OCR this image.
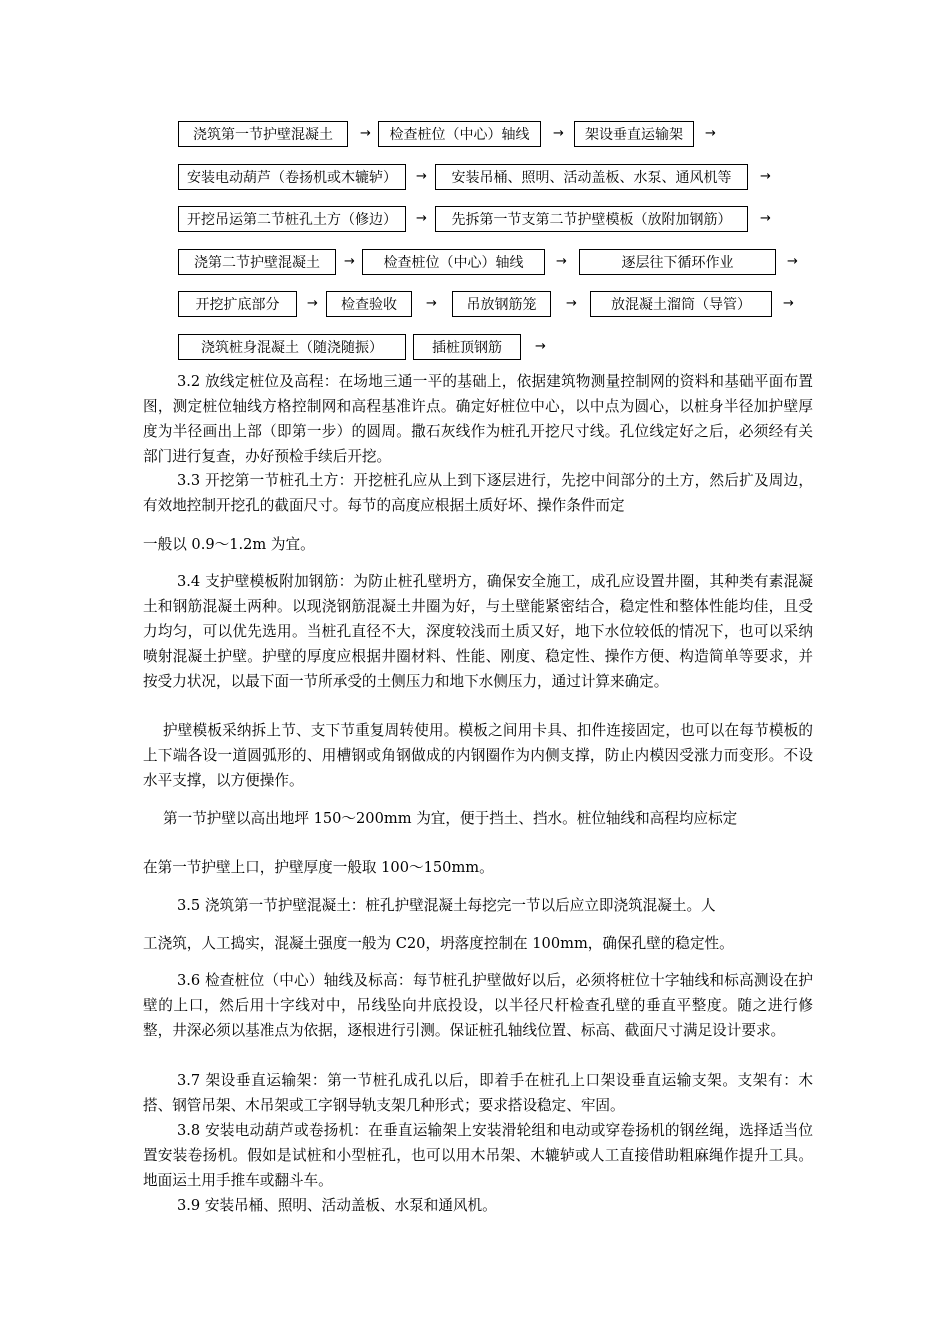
浇筑第一节护壁混凝土	→	检查桩位（中心）轴线	→	架设垂直运输架	→
安装电动葫芦（卷扬机或木辘轳）	→	安装吊桶、照明、活动盖板、水泵、通风机等	→
开挖吊运第二节桩孔土方（修边）	→	先拆第一节支第二节护壁模板（放附加钢筋）	→
浇第二节护壁混凝土	→	检查桩位（中心）轴线	→	逐层往下循环作业	→
开挖扩底部分	→	检查验收	→	吊放钢筋笼	→	放混凝土溜筒（导管）	→
浇筑桩身混凝土（随浇随振）	插桩顶钢筋	→

3.2 放线定桩位及高程：在场地三通一平的基础上，依据建筑物测量控制网的资料和基础平面布置图，测定桩位轴线方格控制网和高程基准许点。确定好桩位中心，以中点为圆心，以桩身半径加护壁厚度为半径画出上部（即第一步）的圆周。撒石灰线作为桩孔开挖尺寸线。孔位线定好之后，必须经有关部门进行复查，办好预检手续后开挖。

3.3 开挖第一节桩孔土方：开挖桩孔应从上到下逐层进行，先挖中间部分的土方，然后扩及周边，有效地控制开挖孔的截面尺寸。每节的高度应根据土质好坏、操作条件而定

一般以 0.9～1.2m 为宜。

3.4 支护壁模板附加钢筋：为防止桩孔壁坍方，确保安全施工，成孔应设置井圈，其种类有素混凝土和钢筋混凝土两种。以现浇钢筋混凝土井圈为好，与土壁能紧密结合，稳定性和整体性能均佳，且受力均匀，可以优先选用。当桩孔直径不大，深度较浅而土质又好，地下水位较低的情况下，也可以采纳喷射混凝土护壁。护壁的厚度应根据井圈材料、性能、刚度、稳定性、操作方便、构造简单等要求，并按受力状况，以最下面一节所承受的土侧压力和地下水侧压力，通过计算来确定。

护壁模板采纳拆上节、支下节重复周转使用。模板之间用卡具、扣件连接固定，也可以在每节模板的上下端各设一道圆弧形的、用槽钢或角钢做成的内钢圈作为内侧支撑，防止内模因受涨力而变形。不设水平支撑，以方便操作。

第一节护壁以高出地坪 150～200mm 为宜，便于挡土、挡水。桩位轴线和高程均应标定

在第一节护壁上口，护壁厚度一般取 100～150mm。

3.5 浇筑第一节护壁混凝土：桩孔护壁混凝土每挖完一节以后应立即浇筑混凝土。人

工浇筑，人工捣实，混凝土强度一般为 C20，坍落度控制在 100mm，确保孔壁的稳定性。

3.6 检查桩位（中心）轴线及标高：每节桩孔护壁做好以后，必须将桩位十字轴线和标高测设在护壁的上口，然后用十字线对中，吊线坠向井底投设，以半径尺杆检查孔壁的垂直平整度。随之进行修整，井深必须以基准点为依据，逐根进行引测。保证桩孔轴线位置、标高、截面尺寸满足设计要求。

3.7 架设垂直运输架：第一节桩孔成孔以后，即着手在桩孔上口架设垂直运输支架。支架有：木搭、钢管吊架、木吊架或工字钢导轨支架几种形式；要求搭设稳定、牢固。

3.8 安装电动葫芦或卷扬机：在垂直运输架上安装滑轮组和电动或穿卷扬机的钢丝绳，选择适当位置安装卷扬机。假如是试桩和小型桩孔，也可以用木吊架、木辘轳或人工直接借助粗麻绳作提升工具。地面运土用手推车或翻斗车。

3.9 安装吊桶、照明、活动盖板、水泵和通风机。
